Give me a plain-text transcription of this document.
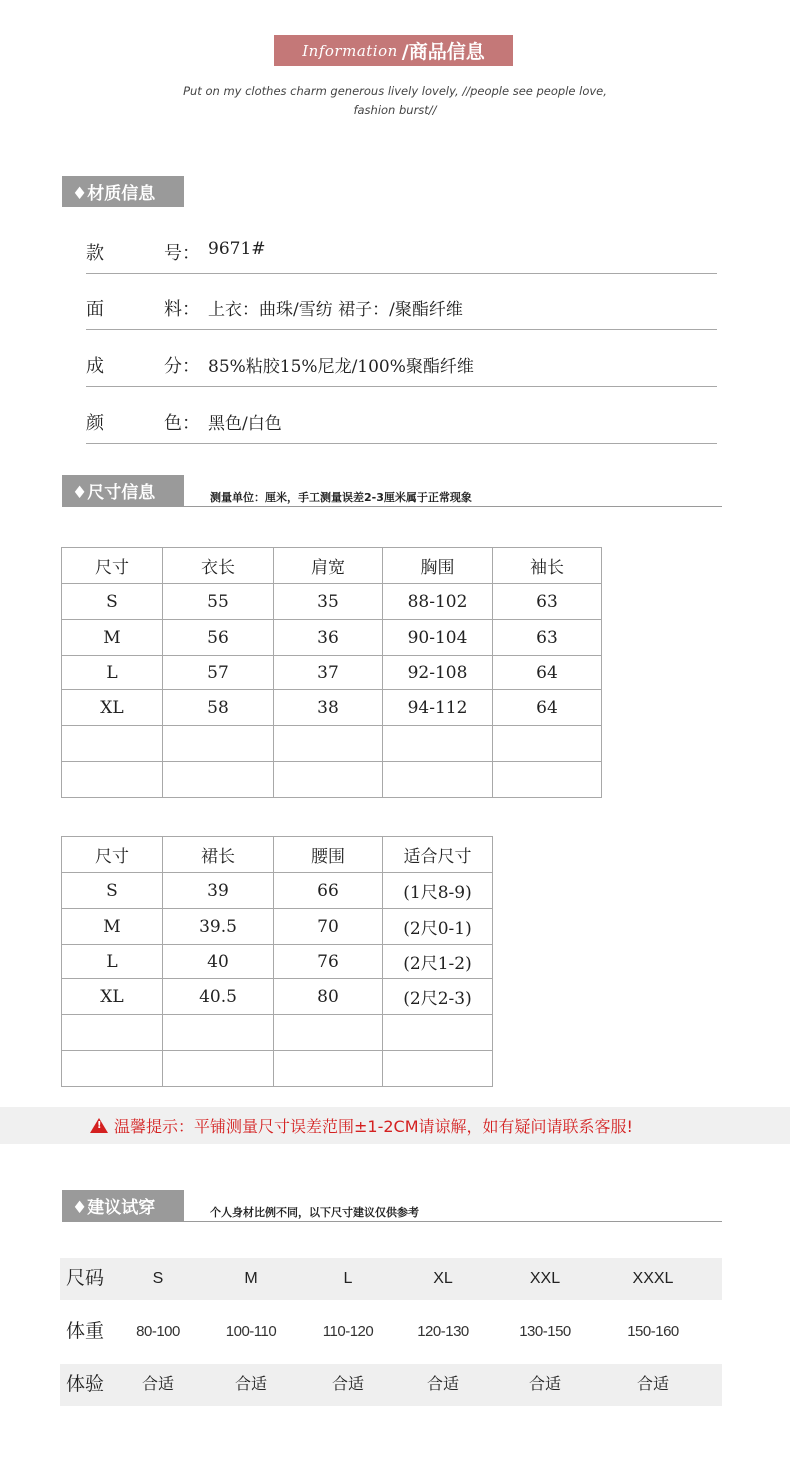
Information /商品信息
Put on my clothes charm generous lively lovely, //people see people love,
fashion burst//
♦材质信息
款	号： 9671#
面	料： 上衣：曲珠/雪纺 裙子：/聚酯纤维
成	分： 85%粘胶15%尼龙/100%聚酯纤维
颜	色： 黑色/白色
♦尺寸信息	测量单位：厘米，手工测量误差2-3厘米属于正常现象
尺寸	衣长	肩宽	胸围	袖长
S	55	35	88-102	63
M	56	36	90-104	63
L	57	37	92-108	64
XL	58	38	94-112	64

尺寸	裙长	腰围	适合尺寸
S	39	66	(1尺8-9)
M	39.5	70	(2尺0-1)
L	40	76	(2尺1-2)
XL	40.5	80	(2尺2-3)

! 温馨提示：平铺测量尺寸误差范围±1-2CM请谅解，如有疑问请联系客服!
♦建议试穿	个人身材比例不同，以下尺寸建议仅供参考
尺码	S	M	L	XL	XXL	XXXL
体重	80-100	100-110	110-120	120-130	130-150	150-160
体验	合适	合适	合适	合适	合适	合适
